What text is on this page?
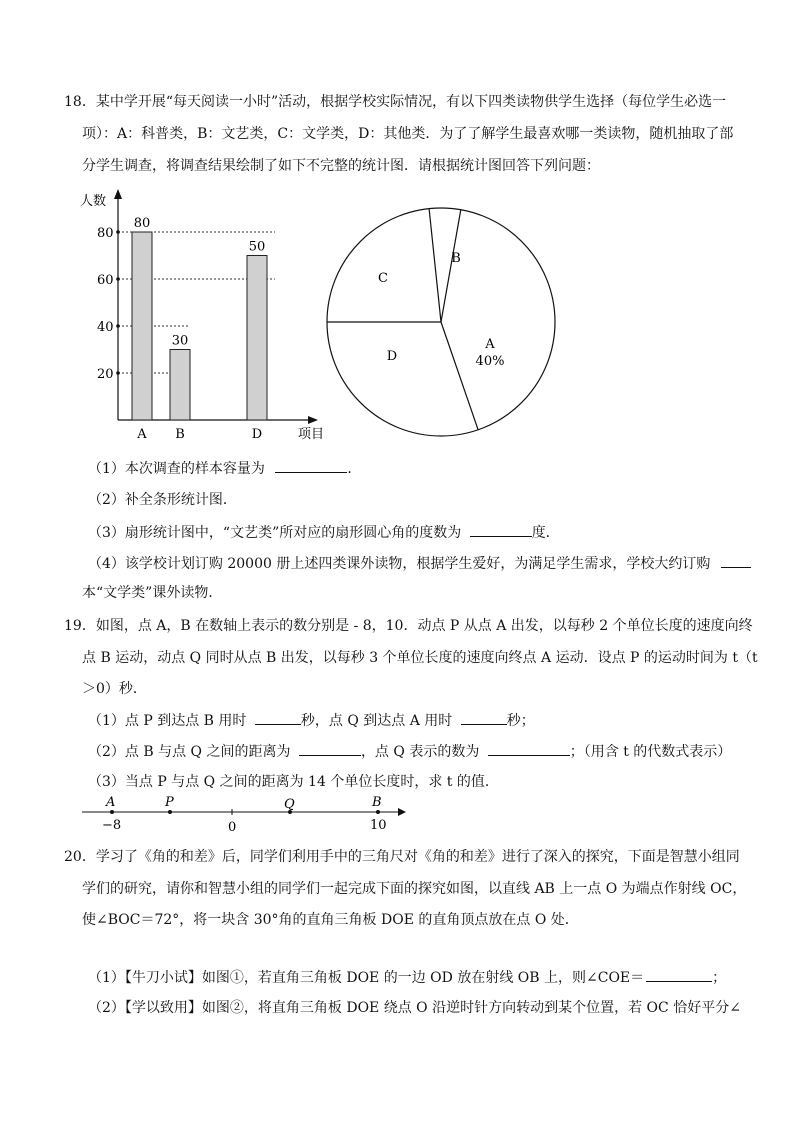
18．某中学开展“每天阅读一小时”活动，根据学校实际情况，有以下四类读物供学生选择（每位学生必选一
项）：A：科普类，B：文艺类，C：文学类，D：其他类．为了了解学生最喜欢哪一类读物，随机抽取了部
分学生调查，将调查结果绘制了如下不完整的统计图．请根据统计图回答下列问题：
人数
项目
20
40
60
80
80
A
30
B
50
D
A
40%
D
C
B
（1）本次调查的样本容量为	．
（2）补全条形统计图．
（3）扇形统计图中，“文艺类”所对应的扇形圆心角的度数为	度．
（4）该学校计划订购 20000 册上述四类课外读物，根据学生爱好，为满足学生需求，学校大约订购
本“文学类”课外读物．
19．如图，点 A，B 在数轴上表示的数分别是 - 8，10．动点 P 从点 A 出发，以每秒 2 个单位长度的速度向终
点 B 运动，动点 Q 同时从点 B 出发，以每秒 3 个单位长度的速度向终点 A 运动．设点 P 的运动时间为 t（t
＞0）秒．
（1）点 P 到达点 B 用时	秒，点 Q 到达点 A 用时	秒；
（2）点 B 与点 Q 之间的距离为	，点 Q 表示的数为	；（用含 t 的代数式表示）
（3）当点 P 与点 Q 之间的距离为 14 个单位长度时，求 t 的值．
A	P	Q	B
−8	0	10
20．学习了《角的和差》后，同学们利用手中的三角尺对《角的和差》进行了深入的探究，下面是智慧小组同
学们的研究，请你和智慧小组的同学们一起完成下面的探究如图，以直线 AB 上一点 O 为端点作射线 OC，
使∠BOC＝72°，将一块含 30°角的直角三角板 DOE 的直角顶点放在点 O 处．
（1）【牛刀小试】如图①，若直角三角板 DOE 的一边 OD 放在射线 OB 上，则∠COE＝	；
（2）【学以致用】如图②，将直角三角板 DOE 绕点 O 沿逆时针方向转动到某个位置，若 OC 恰好平分∠
